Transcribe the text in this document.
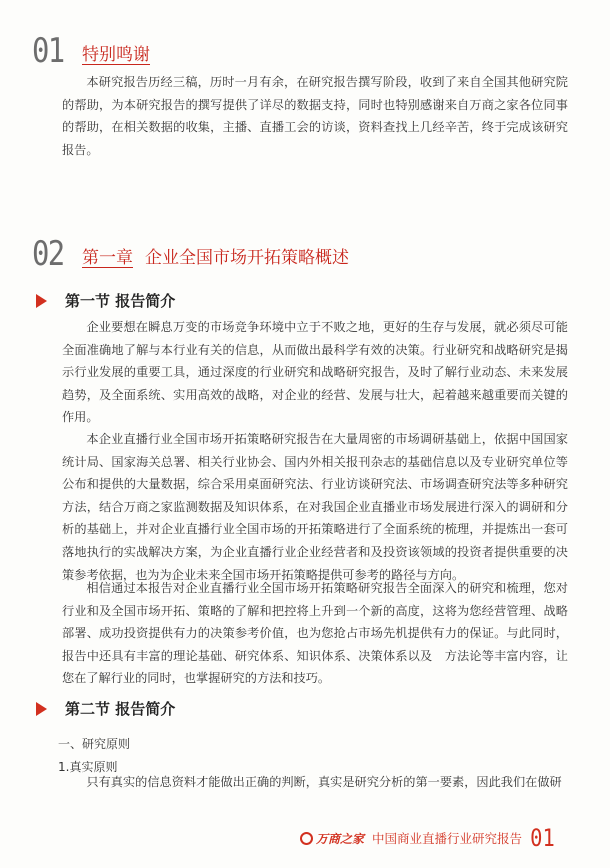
01	特别鸣谢

本研究报告历经三稿，历时一月有余，在研究报告撰写阶段，收到了来自全国其他研究院的帮助，为本研究报告的撰写提供了详尽的数据支持，同时也特别感谢来自万商之家各位同事的帮助，在相关数据的收集，主播、直播工会的访谈，资料查找上几经辛苦，终于完成该研究报告。

02	第一章 企业全国市场开拓策略概述
第一节 报告简介

企业要想在瞬息万变的市场竞争环境中立于不败之地，更好的生存与发展，就必须尽可能全面准确地了解与本行业有关的信息，从而做出最科学有效的决策。行业研究和战略研究是揭示行业发展的重要工具，通过深度的行业研究和战略研究报告，及时了解行业动态、未来发展趋势，及全面系统、实用高效的战略，对企业的经营、发展与壮大，起着越来越重要而关键的作用。

本企业直播行业全国市场开拓策略研究报告在大量周密的市场调研基础上，依据中国国家统计局、国家海关总署、相关行业协会、国内外相关报刊杂志的基础信息以及专业研究单位等公布和提供的大量数据，综合采用桌面研究法、行业访谈研究法、市场调查研究法等多种研究方法，结合万商之家监测数据及知识体系，在对我国企业直播业市场发展进行深入的调研和分析的基础上，并对企业直播行业全国市场的开拓策略进行了全面系统的梳理，并提炼出一套可落地执行的实战解决方案，为企业直播行业企业经营者和及投资该领域的投资者提供重要的决策参考依据，也为为企业未来全国市场开拓策略提供可参考的路径与方向。

相信通过本报告对企业直播行业全国市场开拓策略研究报告全面深入的研究和梳理，您对行业和及全国市场开拓、策略的了解和把控将上升到一个新的高度，这将为您经营管理、战略部署、成功投资提供有力的决策参考价值，也为您抢占市场先机提供有力的保证。与此同时，报告中还具有丰富的理论基础、研究体系、知识体系、决策体系以及　方法论等丰富内容，让您在了解行业的同时，也掌握研究的方法和技巧。

第二节 报告简介
一、研究原则
1.真实原则

只有真实的信息资料才能做出正确的判断，真实是研究分析的第一要素，因此我们在做研

万商之家 中国商业直播行业研究报告 01
